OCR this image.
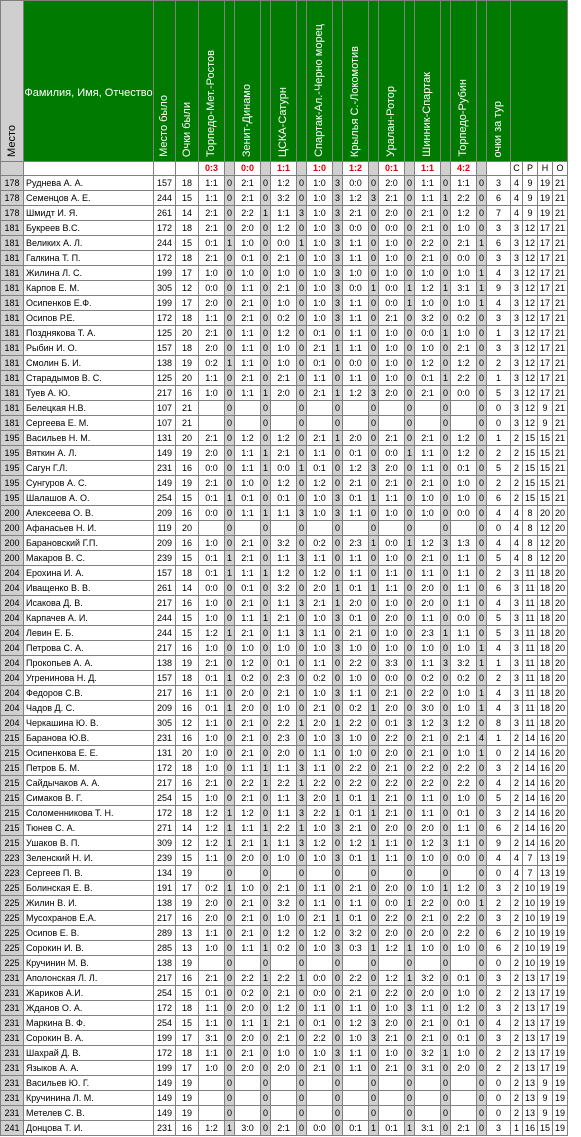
Место	Фамилия, Имя, Отчество	Место было	Очки были	Торпедо-Мет.-Ростов		Зенит-Динамо		ЦСКА-Сатурн		Спартак-Ал.-Черно морец		Крылья С.-Локомотив		Уралан-Ротор		Шинник-Спартак		Торпедо-Рубин		очки за тур				
				0:3		0:0		1:1		1:0		1:2		0:1		1:1		4:2			С	Р	Н	О
178	Руднева А. А.	157	18	1:1	0	2:1	0	1:2	0	1:0	3	0:0	0	2:0	0	1:1	0	1:1	0	3	4	9	19	21
178	Семенцов А. Е.	244	15	1:1	0	2:1	0	3:2	0	1:0	3	1:2	3	2:1	0	1:1	1	2:2	0	6	4	9	19	21
178	Шмидт И. Я.	261	14	2:1	0	2:2	1	1:1	3	1:0	3	2:1	0	2:0	0	2:1	0	1:2	0	7	4	9	19	21
181	Букреев В.С.	172	18	2:1	0	2:0	0	1:2	0	1:0	3	0:0	0	0:0	0	2:1	0	1:0	0	3	3	12	17	21
181	Великих А. Л.	244	15	0:1	1	1:0	0	0:0	1	1:0	3	1:1	0	1:0	0	2:2	0	2:1	1	6	3	12	17	21
181	Галкина Т. П.	172	18	2:1	0	0:1	0	2:1	0	1:0	3	1:1	0	1:0	0	2:1	0	0:0	0	3	3	12	17	21
181	Жилина Л. С.	199	17	1:0	0	1:0	0	1:0	0	1:0	3	1:0	0	1:0	0	1:0	0	1:0	1	4	3	12	17	21
181	Карпов Е. М.	305	12	0:0	0	1:1	0	2:1	0	1:0	3	0:0	1	0:0	1	1:2	1	3:1	1	9	3	12	17	21
181	Осипенков Е.Ф.	199	17	2:0	0	2:1	0	1:0	0	1:0	3	1:1	0	0:0	1	1:0	0	1:0	1	4	3	12	17	21
181	Осипов Р.Е.	172	18	1:1	0	2:1	0	0:2	0	1:0	3	1:1	0	2:1	0	3:2	0	0:2	0	3	3	12	17	21
181	Позднякова Т. А.	125	20	2:1	0	1:1	0	1:2	0	0:1	0	1:1	0	1:0	0	0:0	1	1:0	0	1	3	12	17	21
181	Рыбин И. О.	157	18	2:0	0	1:1	0	1:0	0	2:1	1	1:1	0	1:0	0	1:0	0	2:1	0	3	3	12	17	21
181	Смолин Б. И.	138	19	0:2	1	1:1	0	1:0	0	0:1	0	0:0	0	1:0	0	1:2	0	1:2	0	2	3	12	17	21
181	Старадымов В. С.	125	20	1:1	0	2:1	0	2:1	0	1:1	0	1:1	0	1:0	0	0:1	1	2:2	0	1	3	12	17	21
181	Туев А. Ю.	217	16	1:0	0	1:1	1	2:0	0	2:1	1	1:2	3	2:0	0	2:1	0	0:0	0	5	3	12	17	21
181	Белецкая Н.В.	107	21		0		0		0		0		0		0		0		0	0	3	12	9	21
181	Сергеева Е. М.	107	21		0		0		0		0		0		0		0		0	0	3	12	9	21
195	Васильев Н. М.	131	20	2:1	0	1:2	0	1:2	0	2:1	1	2:0	0	2:1	0	2:1	0	1:2	0	1	2	15	15	21
195	Вяткин А. Л.	149	19	2:0	0	1:1	1	2:1	0	1:1	0	0:1	0	0:0	1	1:1	0	1:2	0	2	2	15	15	21
195	Сагун Г.Л.	231	16	0:0	0	1:1	1	0:0	1	0:1	0	1:2	3	2:0	0	1:1	0	0:1	0	5	2	15	15	21
195	Сунгуров А. С.	149	19	2:1	0	1:0	0	1:2	0	1:2	0	2:1	0	2:1	0	2:1	0	1:0	0	2	2	15	15	21
195	Шалашов А. О.	254	15	0:1	1	0:1	0	0:1	0	1:0	3	0:1	1	1:1	0	1:0	0	1:0	0	6	2	15	15	21
200	Алексеева О. В.	209	16	0:0	0	1:1	1	1:1	3	1:0	3	1:1	0	1:0	0	1:0	0	0:0	0	4	4	8	20	20
200	Афанасьев Н. И.	119	20		0		0		0		0		0		0		0		0	0	4	8	12	20
200	Барановский Г.П.	209	16	1:0	0	2:1	0	3:2	0	0:2	0	2:3	1	0:0	1	1:2	3	1:3	0	4	4	8	12	20
200	Макаров В. С.	239	15	0:1	1	2:1	0	1:1	3	1:1	0	1:1	0	1:0	0	2:1	0	1:1	0	5	4	8	12	20
204	Ерохина И. А.	157	18	0:1	1	1:1	1	1:2	0	1:2	0	1:1	0	1:1	0	1:1	0	1:1	0	2	3	11	18	20
204	Иващенко В. В.	261	14	0:0	0	0:1	0	3:2	0	2:0	1	0:1	1	1:1	0	2:0	0	1:1	0	6	3	11	18	20
204	Исакова Д. В.	217	16	1:0	0	2:1	0	1:1	3	2:1	1	2:0	0	1:0	0	2:0	0	1:1	0	4	3	11	18	20
204	Карпачев А. И.	244	15	1:0	0	1:1	1	2:1	0	1:0	3	0:1	0	2:0	0	1:1	0	0:0	0	5	3	11	18	20
204	Левин Е. Б.	244	15	1:2	1	2:1	0	1:1	3	1:1	0	2:1	0	1:0	0	2:3	1	1:1	0	5	3	11	18	20
204	Петрова С. А.	217	16	1:0	0	1:0	0	1:0	0	1:0	3	1:0	0	1:0	0	1:0	0	1:0	1	4	3	11	18	20
204	Прокопьев А. А.	138	19	2:1	0	1:2	0	0:1	0	1:1	0	2:2	0	3:3	0	1:1	3	3:2	1	1	3	11	18	20
204	Угренинова Н. Д.	157	18	0:1	1	0:2	0	2:3	0	0:2	0	1:0	0	0:0	0	0:2	0	0:2	0	2	3	11	18	20
204	Федоров С.В.	217	16	1:1	0	2:0	0	2:1	0	1:0	3	1:1	0	2:1	0	2:2	0	1:0	1	4	3	11	18	20
204	Чадов Д. С.	209	16	0:1	1	2:0	0	1:0	0	2:1	0	0:2	1	2:0	0	3:0	0	1:0	1	4	3	11	18	20
204	Черкашина Ю. В.	305	12	1:1	0	2:1	0	2:2	1	2:0	1	2:2	0	0:1	3	1:2	3	1:2	0	8	3	11	18	20
215	Баранова Ю.В.	231	16	1:0	0	2:1	0	2:3	0	1:0	3	1:0	0	2:2	0	2:1	0	2:1	4	1	2	14	16	20
215	Осипенкова Е. Е.	131	20	1:0	0	2:1	0	2:0	0	1:1	0	1:0	0	2:0	0	2:1	0	1:0	1	0	2	14	16	20
215	Петров Б. М.	172	18	1:0	0	1:1	1	1:1	3	1:1	0	2:2	0	2:1	0	2:2	0	2:2	0	3	2	14	16	20
215	Сайдычаков А. А.	217	16	2:1	0	2:2	1	2:2	1	2:2	0	2:2	0	2:2	0	2:2	0	2:2	0	4	2	14	16	20
215	Симаков В. Г.	254	15	1:0	0	2:1	0	1:1	3	2:0	1	0:1	1	2:1	0	1:1	0	1:0	0	5	2	14	16	20
215	Соломенникова Т. Н.	172	18	1:2	1	1:2	0	1:1	3	2:2	1	0:1	1	2:1	0	1:1	0	0:1	0	3	2	14	16	20
215	Тюнев С. А.	271	14	1:2	1	1:1	1	2:2	1	1:0	3	2:1	0	2:0	0	2:0	0	1:1	0	6	2	14	16	20
215	Ушаков В. П.	309	12	1:2	1	2:1	1	1:1	3	1:2	0	1:2	1	1:1	0	1:2	3	1:1	0	9	2	14	16	20
223	Зеленский Н. И.	239	15	1:1	0	2:0	0	1:0	0	1:0	3	0:1	1	1:1	0	1:0	0	0:0	0	4	4	7	13	19
223	Сергеев П. В.	134	19		0		0		0		0		0		0		0		0	0	4	7	13	19
225	Болинская Е. В.	191	17	0:2	1	1:0	0	2:1	0	1:1	0	2:1	0	2:0	0	1:0	1	1:2	0	3	2	10	19	19
225	Жилин В. И.	138	19	2:0	0	2:1	0	3:2	0	1:1	0	1:1	0	0:0	1	2:2	0	0:0	1	2	2	10	19	19
225	Мусохранов Е.А.	217	16	2:0	0	2:1	0	1:0	0	2:1	1	0:1	0	2:2	0	2:1	0	2:2	0	3	2	10	19	19
225	Осипов Е. В.	289	13	1:1	0	2:1	0	1:2	0	1:2	0	3:2	0	2:0	0	2:0	0	2:2	0	6	2	10	19	19
225	Сорокин И. В.	285	13	1:0	0	1:1	1	0:2	0	1:0	3	0:3	1	1:2	1	1:0	0	1:0	0	6	2	10	19	19
225	Кручинин М. В.	138	19		0		0		0		0		0		0		0		0	0	2	10	19	19
231	Аполонская Л. Л.	217	16	2:1	0	2:2	1	2:2	1	0:0	0	2:2	0	1:2	1	3:2	0	0:1	0	3	2	13	17	19
231	Жариков А.И.	254	15	0:1	0	0:2	0	2:1	0	0:0	0	2:1	0	2:2	0	2:0	0	1:0	0	2	2	13	17	19
231	Жданов О. А.	172	18	1:1	0	2:0	0	1:2	0	1:1	0	1:1	0	1:0	3	1:1	0	1:2	0	3	2	13	17	19
231	Маркина В. Ф.	254	15	1:1	0	1:1	1	2:1	0	0:1	0	1:2	3	2:0	0	2:1	0	0:1	0	4	2	13	17	19
231	Сорокин В. А.	199	17	3:1	0	2:0	0	2:1	0	2:2	0	1:0	3	2:1	0	2:1	0	0:1	0	3	2	13	17	19
231	Шахрай Д. В.	172	18	1:1	0	2:1	0	1:0	0	1:0	3	1:1	0	1:0	0	3:2	1	1:0	0	2	2	13	17	19
231	Языков А. А.	199	17	1:0	0	2:0	0	2:0	0	2:1	0	1:1	0	2:1	0	3:1	0	2:0	0	2	2	13	17	19
231	Васильев Ю. Г.	149	19		0		0		0		0		0		0		0		0	0	2	13	9	19
231	Кручинина Л. М.	149	19		0		0		0		0		0		0		0		0	0	2	13	9	19
231	Метелев С. В.	149	19		0		0		0		0		0		0		0		0	0	2	13	9	19
241	Донцова Т. И.	231	16	1:2	1	3:0	0	2:1	0	0:0	0	0:1	1	0:1	1	3:1	0	2:1	0	3	1	16	15	19
